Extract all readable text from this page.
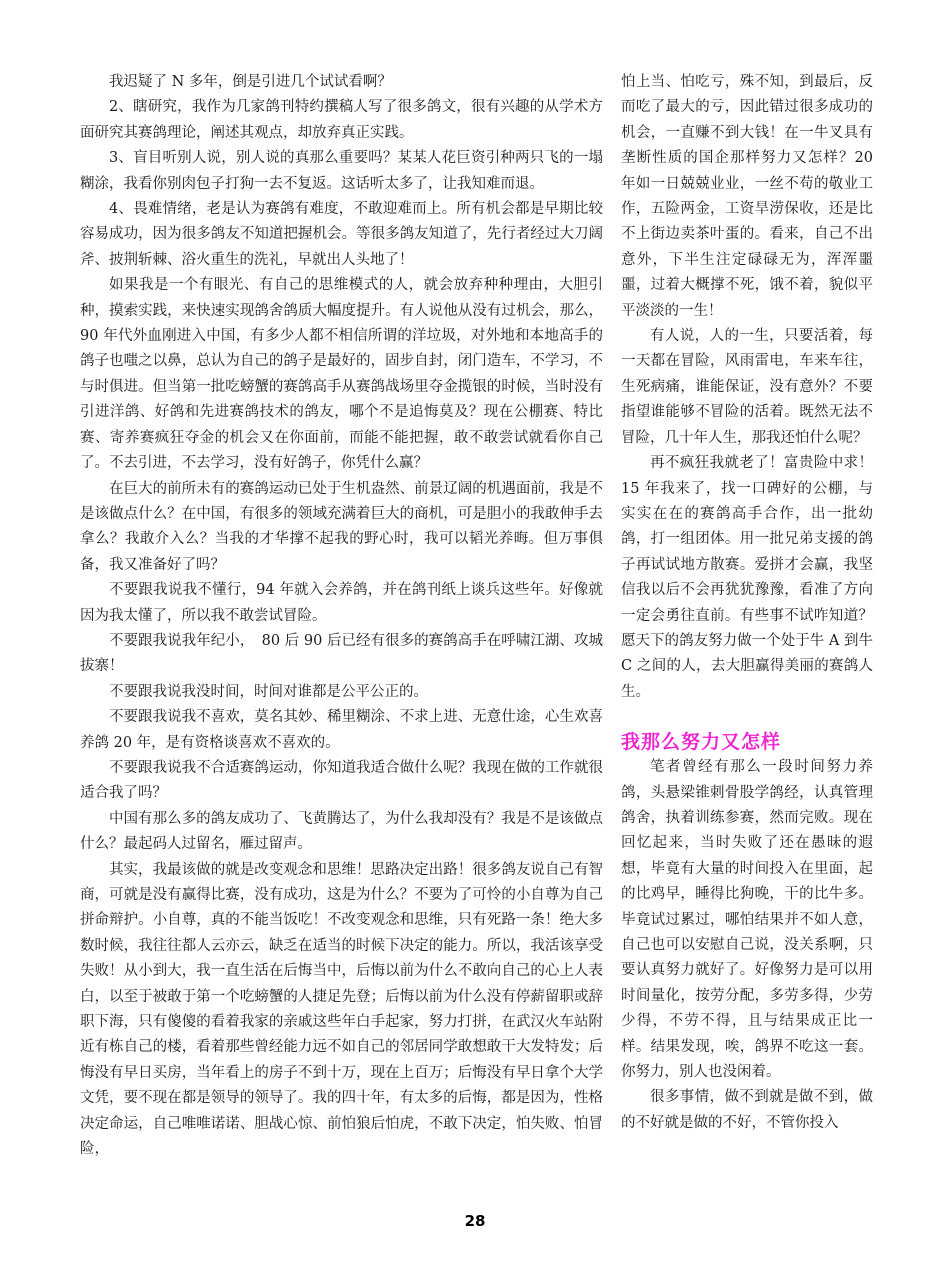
我迟疑了 N 多年，倒是引进几个试试看啊？

2、瞎研究，我作为几家鸽刊特约撰稿人写了很多鸽文，很有兴趣的从学术方面研究其赛鸽理论，阐述其观点，却放弃真正实践。

3、盲目听别人说，别人说的真那么重要吗？某某人花巨资引种两只飞的一塌糊涂，我看你别肉包子打狗一去不复返。这话听太多了，让我知难而退。

4、畏难情绪，老是认为赛鸽有难度，不敢迎难而上。所有机会都是早期比较容易成功，因为很多鸽友不知道把握机会。等很多鸽友知道了，先行者经过大刀阔斧、披荆斩棘、浴火重生的洗礼，早就出人头地了！

如果我是一个有眼光、有自己的思维模式的人，就会放弃种种理由，大胆引种，摸索实践，来快速实现鸽舍鸽质大幅度提升。有人说他从没有过机会，那么，90 年代外血刚进入中国，有多少人都不相信所谓的洋垃圾，对外地和本地高手的鸽子也嗤之以鼻，总认为自己的鸽子是最好的，固步自封，闭门造车，不学习，不与时俱进。但当第一批吃螃蟹的赛鸽高手从赛鸽战场里夺金揽银的时候，当时没有引进洋鸽、好鸽和先进赛鸽技术的鸽友，哪个不是追悔莫及？现在公棚赛、特比赛、寄养赛疯狂夺金的机会又在你面前，而能不能把握，敢不敢尝试就看你自己了。不去引进，不去学习，没有好鸽子，你凭什么赢？

在巨大的前所未有的赛鸽运动已处于生机盎然、前景辽阔的机遇面前，我是不是该做点什么？在中国，有很多的领域充满着巨大的商机，可是胆小的我敢伸手去拿么？我敢介入么？当我的才华撑不起我的野心时，我可以韬光养晦。但万事俱备，我又准备好了吗？

不要跟我说我不懂行，94 年就入会养鸽，并在鸽刊纸上谈兵这些年。好像就因为我太懂了，所以我不敢尝试冒险。

不要跟我说我年纪小，　80 后 90 后已经有很多的赛鸽高手在呼啸江湖、攻城拔寨！

不要跟我说我没时间，时间对谁都是公平公正的。

不要跟我说我不喜欢，莫名其妙、稀里糊涂、不求上进、无意仕途，心生欢喜养鸽 20 年，是有资格谈喜欢不喜欢的。

不要跟我说我不合适赛鸽运动，你知道我适合做什么呢？我现在做的工作就很适合我了吗？

中国有那么多的鸽友成功了、飞黄腾达了，为什么我却没有？我是不是该做点什么？最起码人过留名，雁过留声。

其实，我最该做的就是改变观念和思维！思路决定出路！很多鸽友说自己有智商，可就是没有赢得比赛，没有成功，这是为什么？不要为了可怜的小自尊为自己拼命辩护。小自尊，真的不能当饭吃！不改变观念和思维，只有死路一条！绝大多数时候，我往往都人云亦云，缺乏在适当的时候下决定的能力。所以，我活该享受失败！从小到大，我一直生活在后悔当中，后悔以前为什么不敢向自己的心上人表白，以至于被敢于第一个吃螃蟹的人捷足先登；后悔以前为什么没有停薪留职或辞职下海，只有傻傻的看着我家的亲戚这些年白手起家，努力打拼，在武汉火车站附近有栋自己的楼，看着那些曾经能力远不如自己的邻居同学敢想敢干大发特发；后悔没有早日买房，当年看上的房子不到十万，现在上百万；后悔没有早日拿个大学文凭，要不现在都是领导的领导了。我的四十年，有太多的后悔，都是因为，性格决定命运，自己唯唯诺诺、胆战心惊、前怕狼后怕虎，不敢下决定，怕失败、怕冒险，

怕上当、怕吃亏，殊不知，到最后，反而吃了最大的亏，因此错过很多成功的机会，一直赚不到大钱！在一牛叉具有垄断性质的国企那样努力又怎样？20 年如一日兢兢业业，一丝不苟的敬业工作，五险两金，工资旱涝保收，还是比不上街边卖茶叶蛋的。看来，自己不出意外，下半生注定碌碌无为，浑浑噩噩，过着大概撑不死，饿不着，貌似平平淡淡的一生！

有人说，人的一生，只要活着，每一天都在冒险，风雨雷电，车来车往，生死病痛，谁能保证，没有意外？不要指望谁能够不冒险的活着。既然无法不冒险，几十年人生，那我还怕什么呢？

再不疯狂我就老了！富贵险中求！15 年我来了，找一口碑好的公棚，与实实在在的赛鸽高手合作，出一批幼鸽，打一组团体。用一批兄弟支援的鸽子再试试地方散赛。爱拼才会赢，我坚信我以后不会再犹犹豫豫，看准了方向一定会勇往直前。有些事不试咋知道？愿天下的鸽友努力做一个处于牛 A 到牛 C 之间的人，去大胆赢得美丽的赛鸽人生。

我那么努力又怎样

笔者曾经有那么一段时间努力养鸽，头悬梁锥刺骨股学鸽经，认真管理鸽舍，执着训练参赛，然而完败。现在回忆起来，当时失败了还在愚昧的遐想，毕竟有大量的时间投入在里面，起的比鸡早，睡得比狗晚，干的比牛多。毕竟试过累过，哪怕结果并不如人意，自己也可以安慰自己说，没关系啊，只要认真努力就好了。好像努力是可以用时间量化，按劳分配，多劳多得，少劳少得，不劳不得，且与结果成正比一样。结果发现，唉，鸽界不吃这一套。你努力，别人也没闲着。

很多事情，做不到就是做不到，做的不好就是做的不好，不管你投入

28
